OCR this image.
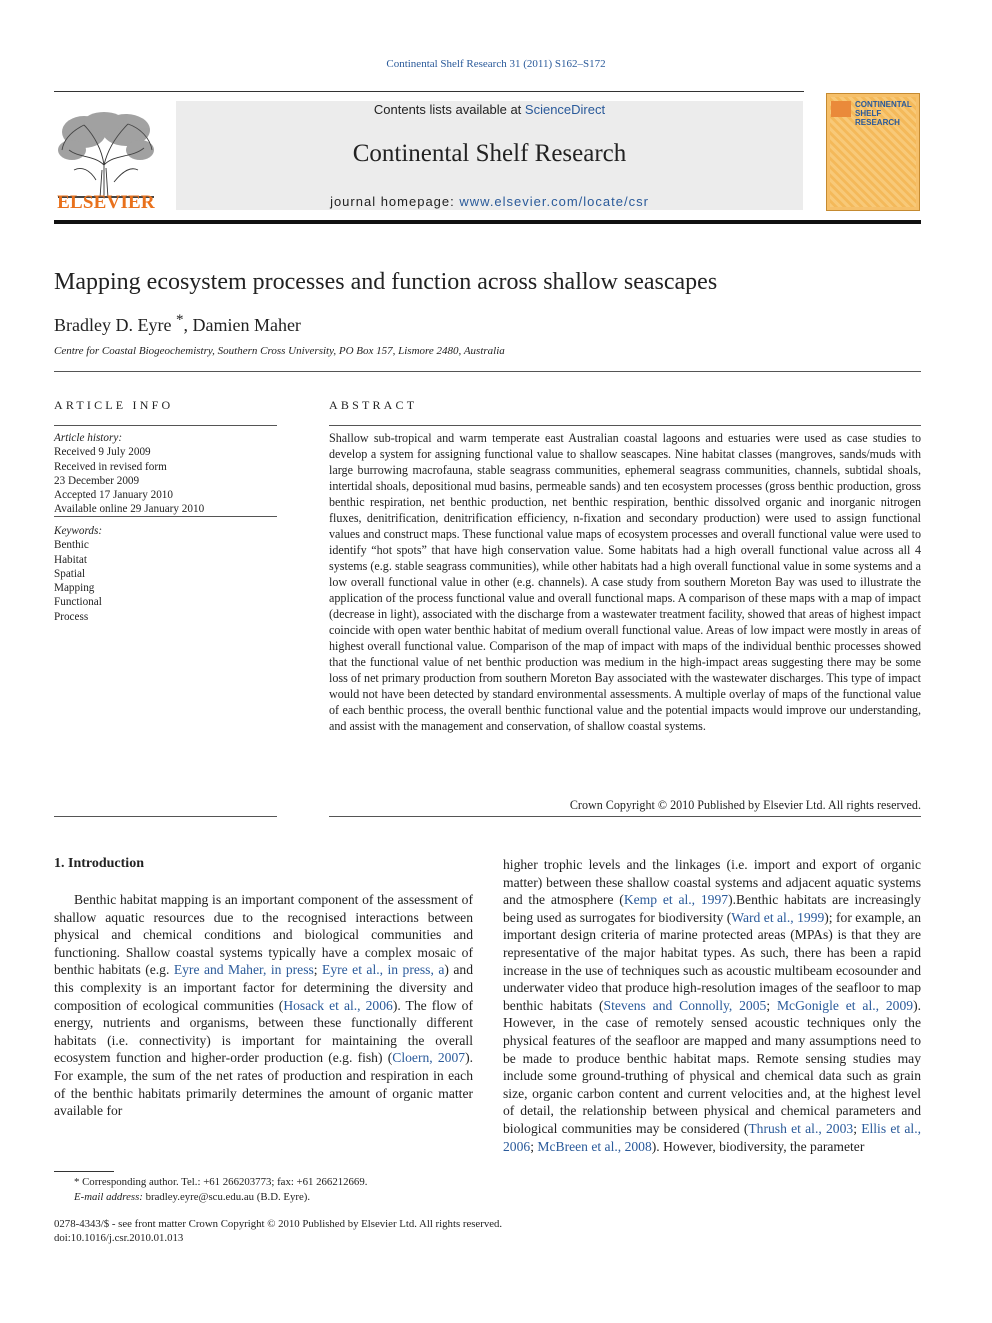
Continental Shelf Research 31 (2011) S162–S172
ELSEVIER
Contents lists available at ScienceDirect
Continental Shelf Research
journal homepage: www.elsevier.com/locate/csr
CONTINENTAL
SHELF RESEARCH
Mapping ecosystem processes and function across shallow seascapes
Bradley D. Eyre *, Damien Maher
Centre for Coastal Biogeochemistry, Southern Cross University, PO Box 157, Lismore 2480, Australia
ARTICLE INFO
Article history:
Received 9 July 2009
Received in revised form
23 December 2009
Accepted 17 January 2010
Available online 29 January 2010
Keywords:
Benthic
Habitat
Spatial
Mapping
Functional
Process
ABSTRACT
Shallow sub-tropical and warm temperate east Australian coastal lagoons and estuaries were used as case studies to develop a system for assigning functional value to shallow seascapes. Nine habitat classes (mangroves, sands/muds with large burrowing macrofauna, stable seagrass communities, ephemeral seagrass communities, channels, subtidal shoals, intertidal shoals, depositional mud basins, permeable sands) and ten ecosystem processes (gross benthic production, gross benthic respiration, net benthic production, net benthic respiration, benthic dissolved organic and inorganic nitrogen fluxes, denitrification, denitrification efficiency, n-fixation and secondary production) were used to assign functional values and construct maps. These functional value maps of ecosystem processes and overall functional value were used to identify “hot spots” that have high conservation value. Some habitats had a high overall functional value across all 4 systems (e.g. stable seagrass communities), while other habitats had a high overall functional value in some systems and a low overall functional value in other (e.g. channels). A case study from southern Moreton Bay was used to illustrate the application of the process functional value and overall functional maps. A comparison of these maps with a map of impact (decrease in light), associated with the discharge from a wastewater treatment facility, showed that areas of highest impact coincide with open water benthic habitat of medium overall functional value. Areas of low impact were mostly in areas of highest overall functional value. Comparison of the map of impact with maps of the individual benthic processes showed that the functional value of net benthic production was medium in the high-impact areas suggesting there may be some loss of net primary production from southern Moreton Bay associated with the wastewater discharges. This type of impact would not have been detected by standard environmental assessments. A multiple overlay of maps of the functional value of each benthic process, the overall benthic functional value and the potential impacts would improve our understanding, and assist with the management and conservation, of shallow coastal systems.
Crown Copyright © 2010 Published by Elsevier Ltd. All rights reserved.
1. Introduction
Benthic habitat mapping is an important component of the assessment of shallow aquatic resources due to the recognised interactions between physical and chemical conditions and biological communities and functioning. Shallow coastal systems typically have a complex mosaic of benthic habitats (e.g. Eyre and Maher, in press; Eyre et al., in press, a) and this complexity is an important factor for determining the diversity and composition of ecological communities (Hosack et al., 2006). The flow of energy, nutrients and organisms, between these functionally different habitats (i.e. connectivity) is important for maintaining the overall ecosystem function and higher-order production (e.g. fish) (Cloern, 2007). For example, the sum of the net rates of production and respiration in each of the benthic habitats primarily determines the amount of organic matter available for
higher trophic levels and the linkages (i.e. import and export of organic matter) between these shallow coastal systems and adjacent aquatic systems and the atmosphere (Kemp et al., 1997).Benthic habitats are increasingly being used as surrogates for biodiversity (Ward et al., 1999); for example, an important design criteria of marine protected areas (MPAs) is that they are representative of the major habitat types. As such, there has been a rapid increase in the use of techniques such as acoustic multibeam ecosounder and underwater video that produce high-resolution images of the seafloor to map benthic habitats (Stevens and Connolly, 2005; McGonigle et al., 2009). However, in the case of remotely sensed acoustic techniques only the physical features of the seafloor are mapped and many assumptions need to be made to produce benthic habitat maps. Remote sensing studies may include some ground-truthing of physical and chemical data such as grain size, organic carbon content and current velocities and, at the highest level of detail, the relationship between physical and chemical parameters and biological communities may be considered (Thrush et al., 2003; Ellis et al., 2006; McBreen et al., 2008). However, biodiversity, the parameter
* Corresponding author. Tel.: +61 266203773; fax: +61 266212669.
E-mail address: bradley.eyre@scu.edu.au (B.D. Eyre).
0278-4343/$ - see front matter Crown Copyright © 2010 Published by Elsevier Ltd. All rights reserved.
doi:10.1016/j.csr.2010.01.013
